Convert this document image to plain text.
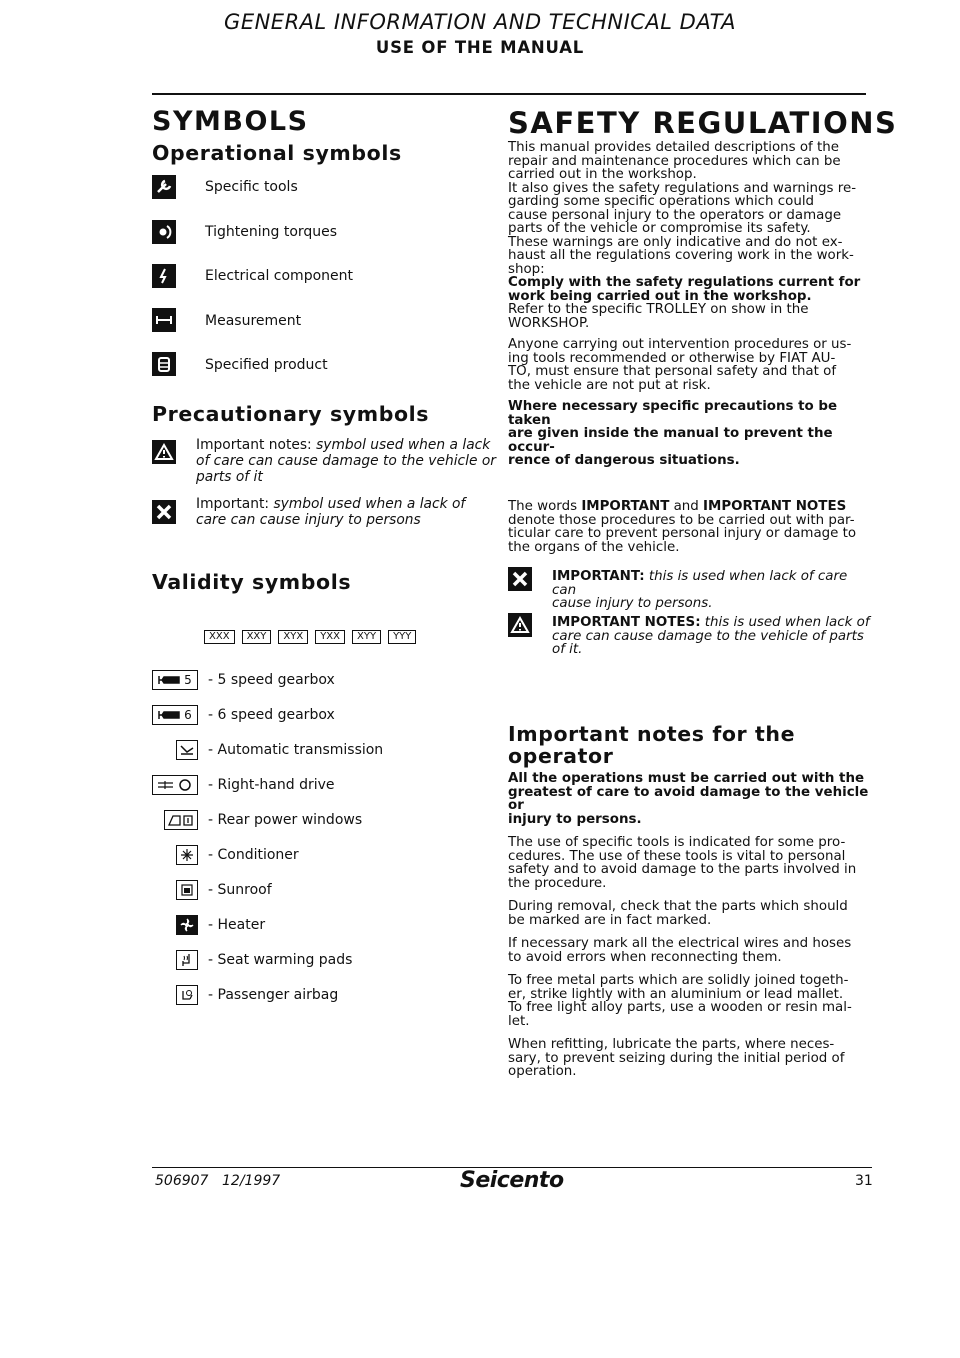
GENERAL INFORMATION AND TECHNICAL DATA
USE OF THE MANUAL
SYMBOLS
Operational symbols
Specific tools
Tightening torques
Electrical component
Measurement
Specified product
Precautionary symbols
Important notes: symbol used when a lack of care can cause damage to the vehicle or parts of it
Important: symbol used when a lack of care can cause injury to persons
Validity symbols
XXX XXY XYX YXX XYY YYY
5 - 5 speed gearbox
6 - 6 speed gearbox
- Automatic transmission
- Right-hand drive
- Rear power windows
- Conditioner
- Sunroof
- Heater
- Seat warming pads
- Passenger airbag
SAFETY REGULATIONS

This manual provides detailed descriptions of the

repair and maintenance procedures which can be

carried out in the workshop.

It also gives the safety regulations and warnings re-

garding some specific operations which could

cause personal injury to the operators or damage

parts of the vehicle or compromise its safety.

These warnings are only indicative and do not ex-

haust all the regulations covering work in the work-

shop:

Comply with the safety regulations current for

work being carried out in the workshop.

Refer to the specific TROLLEY on show in the

WORKSHOP.

Anyone carrying out intervention procedures or us-

ing tools recommended or otherwise by FIAT AU-

TO, must ensure that personal safety and that of

the vehicle are not put at risk.

Where necessary specific precautions to be taken

are given inside the manual to prevent the occur-

rence of dangerous situations.

The words IMPORTANT and IMPORTANT NOTES

denote those procedures to be carried out with par-

ticular care to prevent personal injury or damage to

the organs of the vehicle.

IMPORTANT: this is used when lack of care can

cause injury to persons.

IMPORTANT NOTES: this is used when lack of

care can cause damage to the vehicle of parts

of it.

Important notes for the
operator

All the operations must be carried out with the

greatest of care to avoid damage to the vehicle or

injury to persons.

The use of specific tools is indicated for some pro-

cedures. The use of these tools is vital to personal

safety and to avoid damage to the parts involved in

the procedure.

During removal, check that the parts which should

be marked are in fact marked.

If necessary mark all the electrical wires and hoses

to avoid errors when reconnecting them.

To free metal parts which are solidly joined togeth-

er, strike lightly with an aluminium or lead mallet.

To free light alloy parts, use a wooden or resin mal-

let.

When refitting, lubricate the parts, where neces-

sary, to prevent seizing during the initial period of

operation.

506907 12/1997	Seicento	31
